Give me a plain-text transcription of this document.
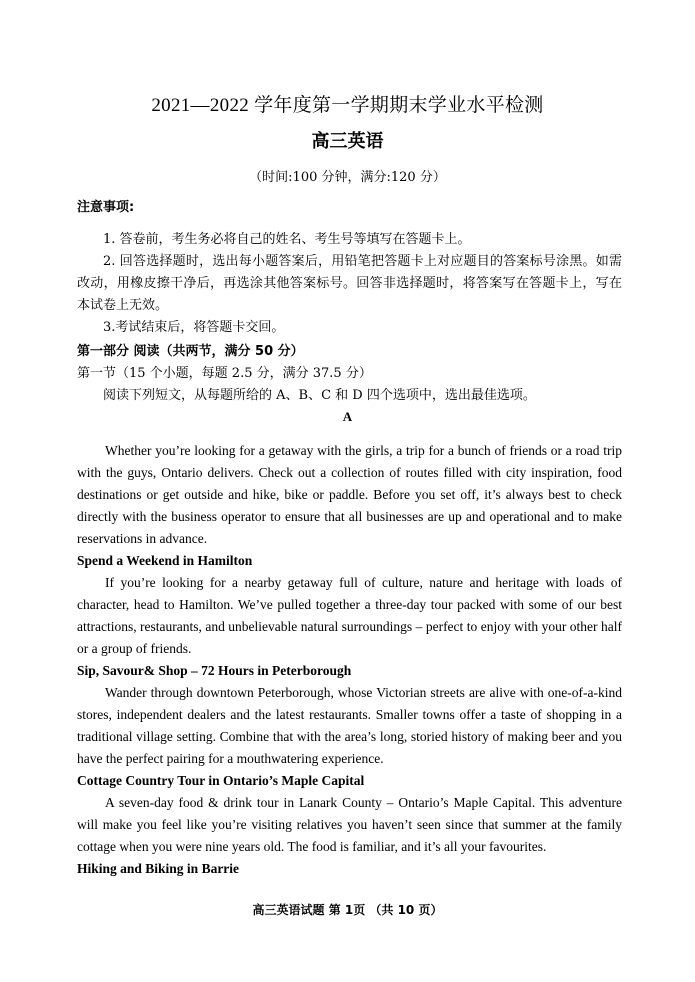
2021—2022 学年度第一学期期末学业水平检测
高三英语
（时间:100 分钟，满分:120 分）
注意事项:

1. 答卷前，考生务必将自己的姓名、考生号等填写在答题卡上。

2. 回答选择题时，选出每小题答案后，用铅笔把答题卡上对应题目的答案标号涂黑。如需改动，用橡皮擦干净后，再选涂其他答案标号。回答非选择题时，将答案写在答题卡上，写在本试卷上无效。

3.考试结束后，将答题卡交回。

第一部分 阅读（共两节，满分 50 分）
第一节（15 个小题，每题 2.5 分，满分 37.5 分）
阅读下列短文，从每题所给的 A、B、C 和 D 四个选项中，选出最佳选项。
A

Whether you’re looking for a getaway with the girls, a trip for a bunch of friends or a road trip with the guys, Ontario delivers. Check out a collection of routes filled with city inspiration, food destinations or get outside and hike, bike or paddle. Before you set off, it’s always best to check directly with the business operator to ensure that all businesses are up and operational and to make reservations in advance.

Spend a Weekend in Hamilton

If you’re looking for a nearby getaway full of culture, nature and heritage with loads of character, head to Hamilton. We’ve pulled together a three-day tour packed with some of our best attractions, restaurants, and unbelievable natural surroundings – perfect to enjoy with your other half or a group of friends.

Sip, Savour& Shop – 72 Hours in Peterborough

Wander through downtown Peterborough, whose Victorian streets are alive with one-of-a-kind stores, independent dealers and the latest restaurants. Smaller towns offer a taste of shopping in a traditional village setting. Combine that with the area’s long, storied history of making beer and you have the perfect pairing for a mouthwatering experience.

Cottage Country Tour in Ontario’s Maple Capital

A seven-day food & drink tour in Lanark County – Ontario’s Maple Capital. This adventure will make you feel like you’re visiting relatives you haven’t seen since that summer at the family cottage when you were nine years old. The food is familiar, and it’s all your favourites.

Hiking and Biking in Barrie
高三英语试题 第 1页 （共 10 页）
